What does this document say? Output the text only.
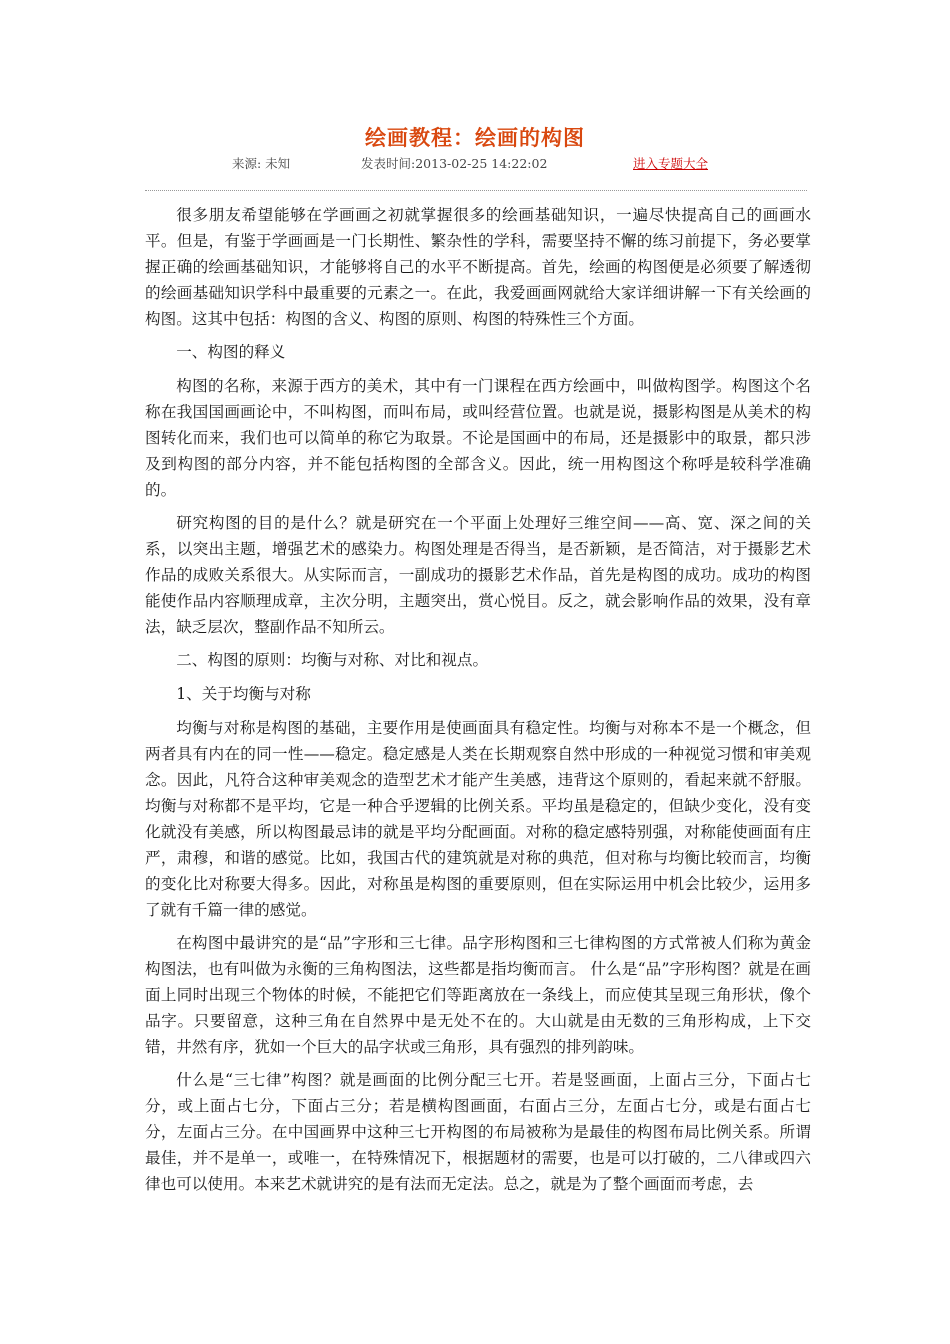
绘画教程：绘画的构图
来源: 未知	发表时间:2013-02-25 14:22:02	进入专题大全

很多朋友希望能够在学画画之初就掌握很多的绘画基础知识，一遍尽快提高自己的画画水平。但是，有鉴于学画画是一门长期性、繁杂性的学科，需要坚持不懈的练习前提下，务必要掌握正确的绘画基础知识，才能够将自己的水平不断提高。首先，绘画的构图便是必须要了解透彻的绘画基础知识学科中最重要的元素之一。在此，我爱画画网就给大家详细讲解一下有关绘画的构图。这其中包括：构图的含义、构图的原则、构图的特殊性三个方面。

一、构图的释义

构图的名称，来源于西方的美术，其中有一门课程在西方绘画中，叫做构图学。构图这个名称在我国国画画论中，不叫构图，而叫布局，或叫经营位置。也就是说，摄影构图是从美术的构图转化而来，我们也可以简单的称它为取景。不论是国画中的布局，还是摄影中的取景，都只涉及到构图的部分内容，并不能包括构图的全部含义。因此，统一用构图这个称呼是较科学准确的。

研究构图的目的是什么？就是研究在一个平面上处理好三维空间——高、宽、深之间的关系，以突出主题，增强艺术的感染力。构图处理是否得当，是否新颖，是否简洁，对于摄影艺术作品的成败关系很大。从实际而言，一副成功的摄影艺术作品，首先是构图的成功。成功的构图能使作品内容顺理成章，主次分明，主题突出，赏心悦目。反之，就会影响作品的效果，没有章法，缺乏层次，整副作品不知所云。

二、构图的原则：均衡与对称、对比和视点。

1、关于均衡与对称

均衡与对称是构图的基础，主要作用是使画面具有稳定性。均衡与对称本不是一个概念，但两者具有内在的同一性——稳定。稳定感是人类在长期观察自然中形成的一种视觉习惯和审美观念。因此，凡符合这种审美观念的造型艺术才能产生美感，违背这个原则的，看起来就不舒服。均衡与对称都不是平均，它是一种合乎逻辑的比例关系。平均虽是稳定的，但缺少变化，没有变化就没有美感，所以构图最忌讳的就是平均分配画面。对称的稳定感特别强，对称能使画面有庄严，肃穆，和谐的感觉。比如，我国古代的建筑就是对称的典范，但对称与均衡比较而言，均衡的变化比对称要大得多。因此，对称虽是构图的重要原则，但在实际运用中机会比较少，运用多了就有千篇一律的感觉。

在构图中最讲究的是“品”字形和三七律。品字形构图和三七律构图的方式常被人们称为黄金构图法，也有叫做为永衡的三角构图法，这些都是指均衡而言。 什么是“品”字形构图？就是在画面上同时出现三个物体的时候，不能把它们等距离放在一条线上，而应使其呈现三角形状，像个品字。只要留意，这种三角在自然界中是无处不在的。大山就是由无数的三角形构成，上下交错，井然有序，犹如一个巨大的品字状或三角形，具有强烈的排列韵味。

什么是“三七律”构图？就是画面的比例分配三七开。若是竖画面，上面占三分，下面占七分，或上面占七分，下面占三分；若是横构图画面，右面占三分，左面占七分，或是右面占七分，左面占三分。在中国画界中这种三七开构图的布局被称为是最佳的构图布局比例关系。所谓最佳，并不是单一，或唯一，在特殊情况下，根据题材的需要，也是可以打破的，二八律或四六律也可以使用。本来艺术就讲究的是有法而无定法。总之，就是为了整个画面而考虑，去
